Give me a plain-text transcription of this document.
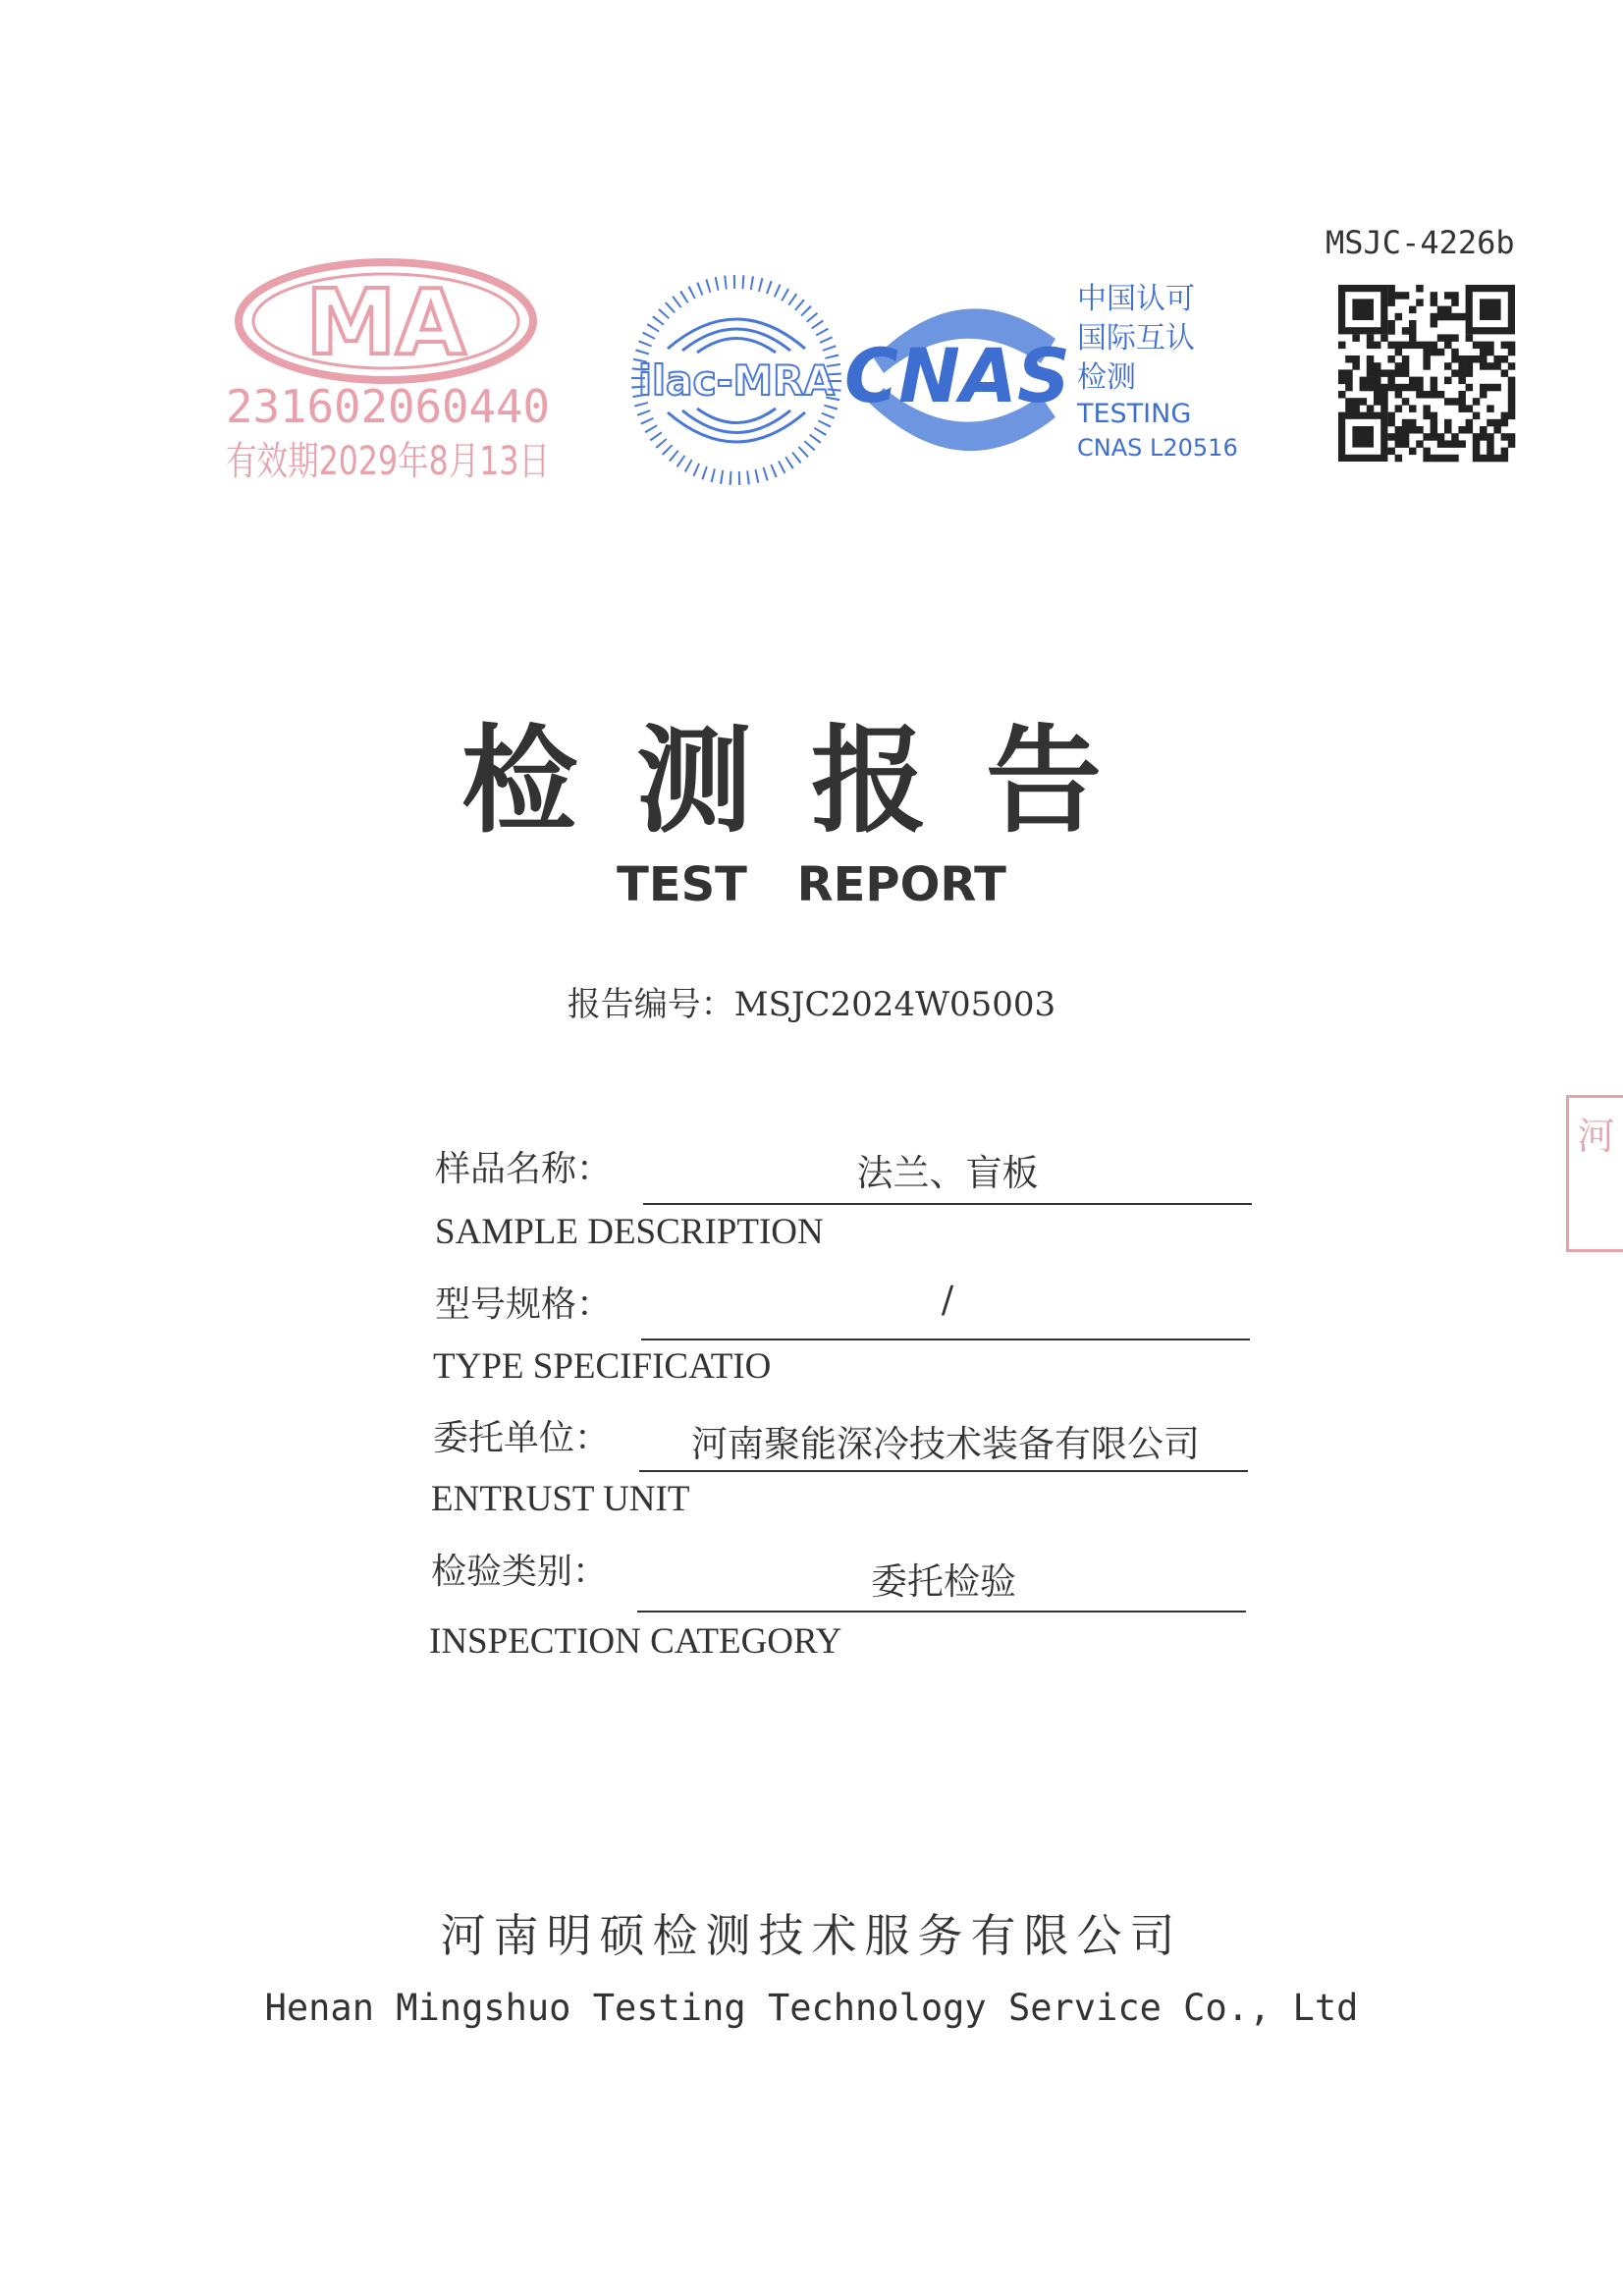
MA
231602060440
有效期2029年8月13日
ilac-MRA CNAS
中国认可
国际互认
检测
TESTING
CNAS L20516
MSJC-4226b
检测报告
TEST REPORT
报告编号：MSJC2024W05003
样品名称：	法兰、盲板
SAMPLE DESCRIPTION
型号规格：	/
TYPE SPECIFICATIO
委托单位：	河南聚能深冷技术装备有限公司
ENTRUST UNIT
检验类别：	委托检验
INSPECTION CATEGORY
河
河南明硕检测技术服务有限公司
Henan Mingshuo Testing Technology Service Co., Ltd
